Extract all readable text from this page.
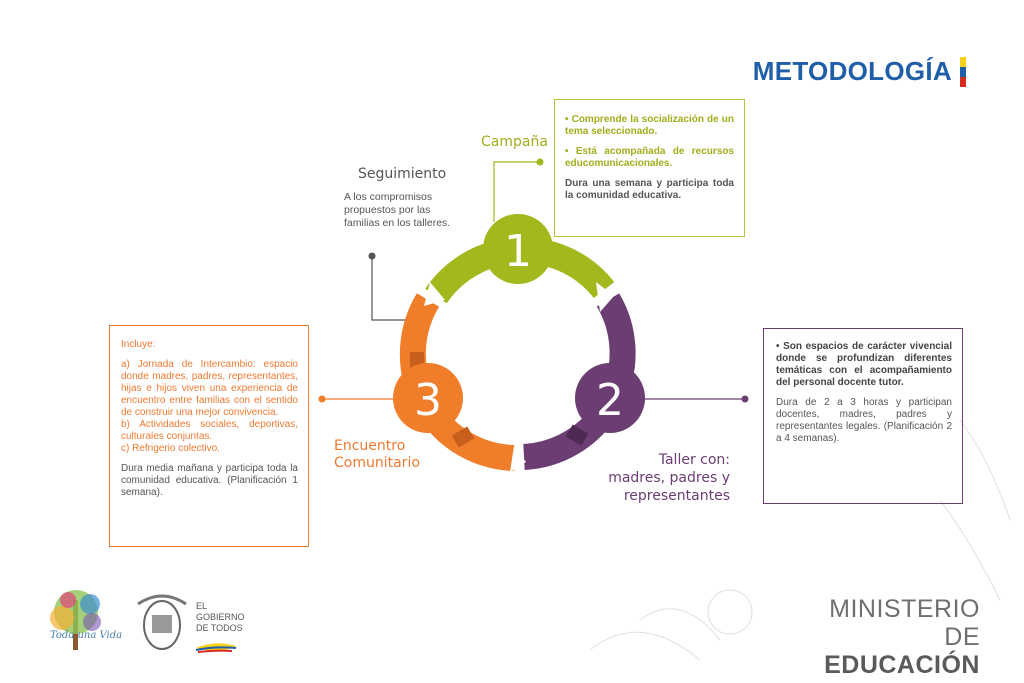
METODOLOGÍA
1
2
3
Campaña
Seguimiento
A los compromisos propuestos por las familias en los talleres.
Encuentro
Comunitario	Taller con:
madres, padres y
representantes

• Comprende la socialización de un tema seleccionado.

• Está acompañada de recursos educomunicacionales.

Dura una semana y participa toda la comunidad educativa.

• Son espacios de carácter vivencial donde se profundizan diferentes temáticas con el acompañamiento del personal docente tutor.

Dura de 2 a 3 horas y participan docentes, madres, padres y representantes legales. (Planificación 2 a 4 semanas).

Incluye:

a) Jornada de Intercambio: espacio donde madres, padres, representantes, hijas e hijos viven una experiencia de encuentro entre familias con el sentido de construir una mejor convivencia.

b) Actividades sociales, deportivas, culturales conjuntas.

c) Refrigerio colectivo.

Dura media mañana y participa toda la comunidad educativa. (Planificación 1 semana).

Toda una Vida
EL
GOBIERNO
DE TODOS
MINISTERIO
DE EDUCACIÓN
